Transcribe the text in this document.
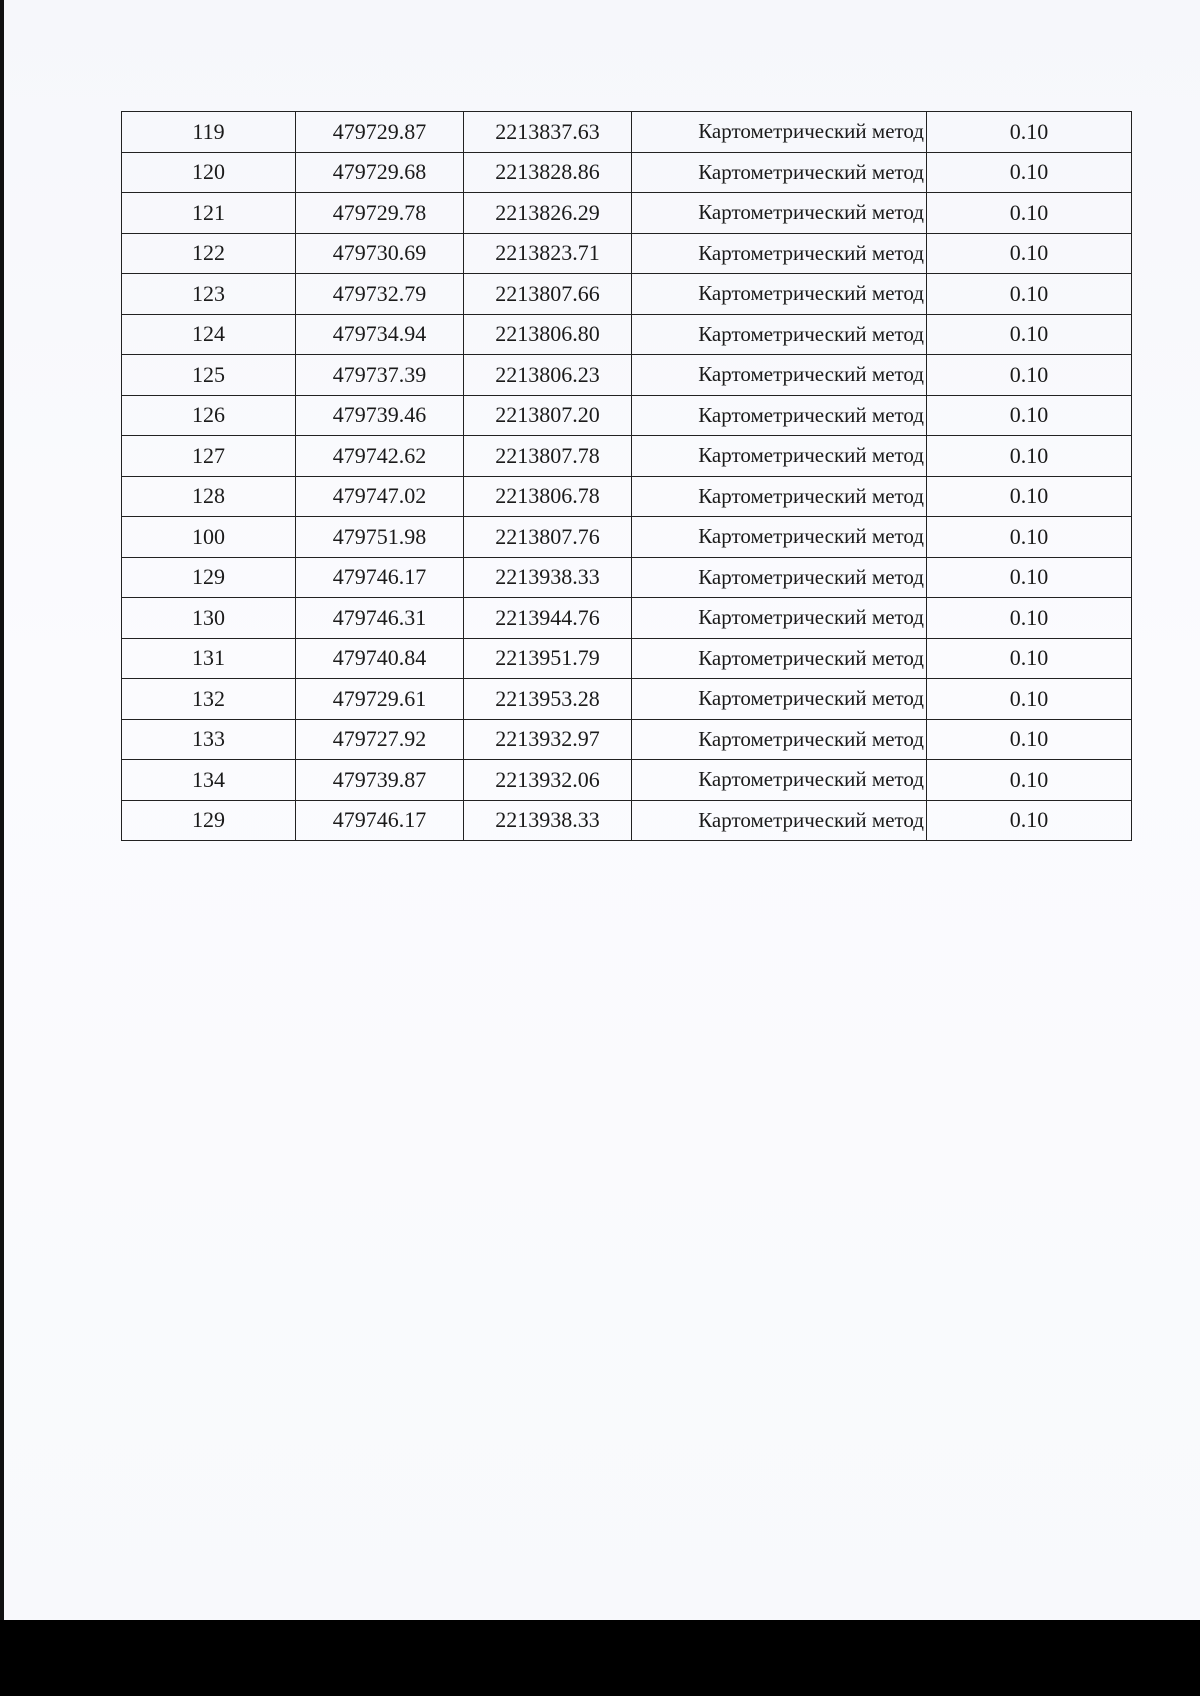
119	479729.87	2213837.63	Картометрический метод	0.10
120	479729.68	2213828.86	Картометрический метод	0.10
121	479729.78	2213826.29	Картометрический метод	0.10
122	479730.69	2213823.71	Картометрический метод	0.10
123	479732.79	2213807.66	Картометрический метод	0.10
124	479734.94	2213806.80	Картометрический метод	0.10
125	479737.39	2213806.23	Картометрический метод	0.10
126	479739.46	2213807.20	Картометрический метод	0.10
127	479742.62	2213807.78	Картометрический метод	0.10
128	479747.02	2213806.78	Картометрический метод	0.10
100	479751.98	2213807.76	Картометрический метод	0.10
129	479746.17	2213938.33	Картометрический метод	0.10
130	479746.31	2213944.76	Картометрический метод	0.10
131	479740.84	2213951.79	Картометрический метод	0.10
132	479729.61	2213953.28	Картометрический метод	0.10
133	479727.92	2213932.97	Картометрический метод	0.10
134	479739.87	2213932.06	Картометрический метод	0.10
129	479746.17	2213938.33	Картометрический метод	0.10
